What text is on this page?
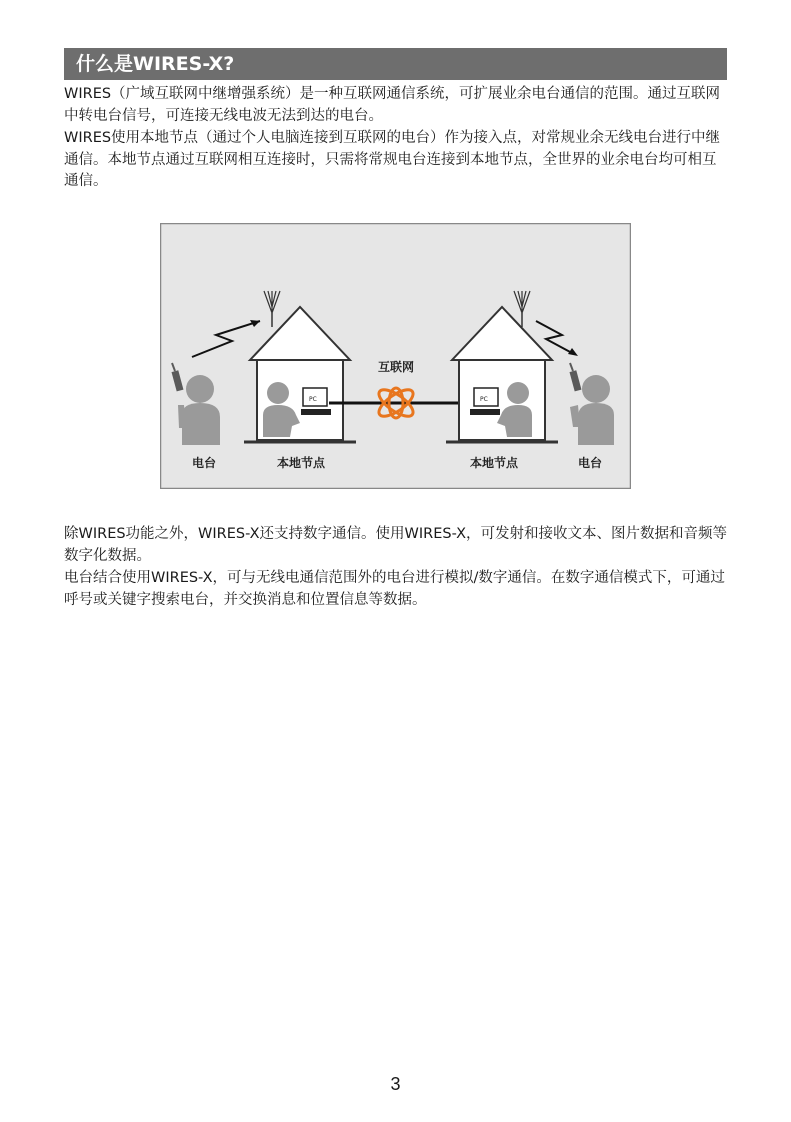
什么是WIRES-X?

WIRES（广域互联网中继增强系统）是一种互联网通信系统，可扩展业余电台通信的范围。通过互联网中转电台信号，可连接无线电波无法到达的电台。

WIRES使用本地节点（通过个人电脑连接到互联网的电台）作为接入点，对常规业余无线电台进行中继通信。本地节点通过互联网相互连接时，只需将常规电台连接到本地节点，全世界的业余电台均可相互通信。

PC
互联网
PC
电台	本地节点	本地节点	电台

除WIRES功能之外，WIRES-X还支持数字通信。使用WIRES-X，可发射和接收文本、图片数据和音频等数字化数据。

电台结合使用WIRES-X，可与无线电通信范围外的电台进行模拟/数字通信。在数字通信模式下，可通过呼号或关键字搜索电台，并交换消息和位置信息等数据。

3
